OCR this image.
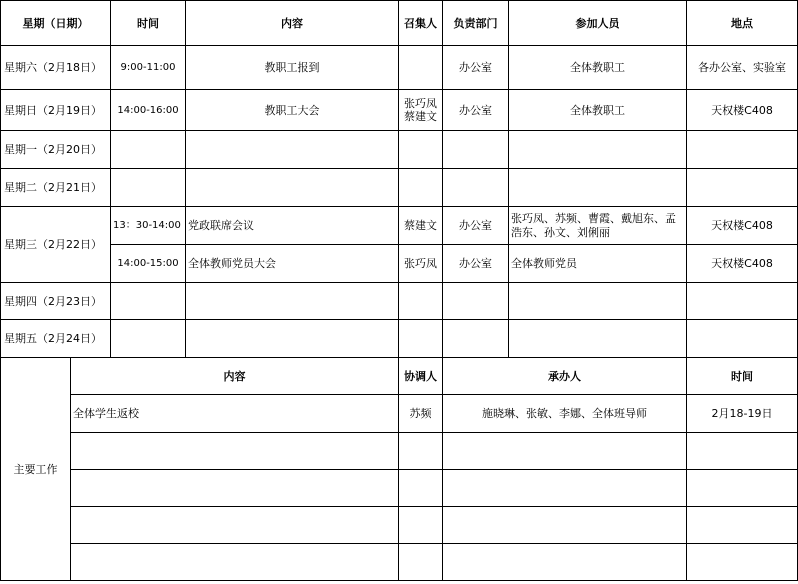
星期（日期）		时间	内容	召集人	负责部门	参加人员	地点
星期六（2月18日）		9:00-11:00	教职工报到		办公室	全体教职工	各办公室、实验室
星期日（2月19日）		14:00-16:00	教职工大会	张巧凤 蔡建文	办公室	全体教职工	天权楼C408
星期一（2月20日）							
星期二（2月21日）							
星期三（2月22日）		13：30-14:00	党政联席会议	蔡建文	办公室	张巧凤、苏频、曹霞、戴旭东、孟浩东、孙文、刘俐丽	天权楼C408
		14:00-15:00	全体教师党员大会	张巧凤	办公室	全体教师党员	天权楼C408
星期四（2月23日）							
星期五（2月24日）							
主要工作	内容			协调人	承办人		时间
	全体学生返校			苏频	施晓琳、张敏、李娜、全体班导师		2月18-19日
